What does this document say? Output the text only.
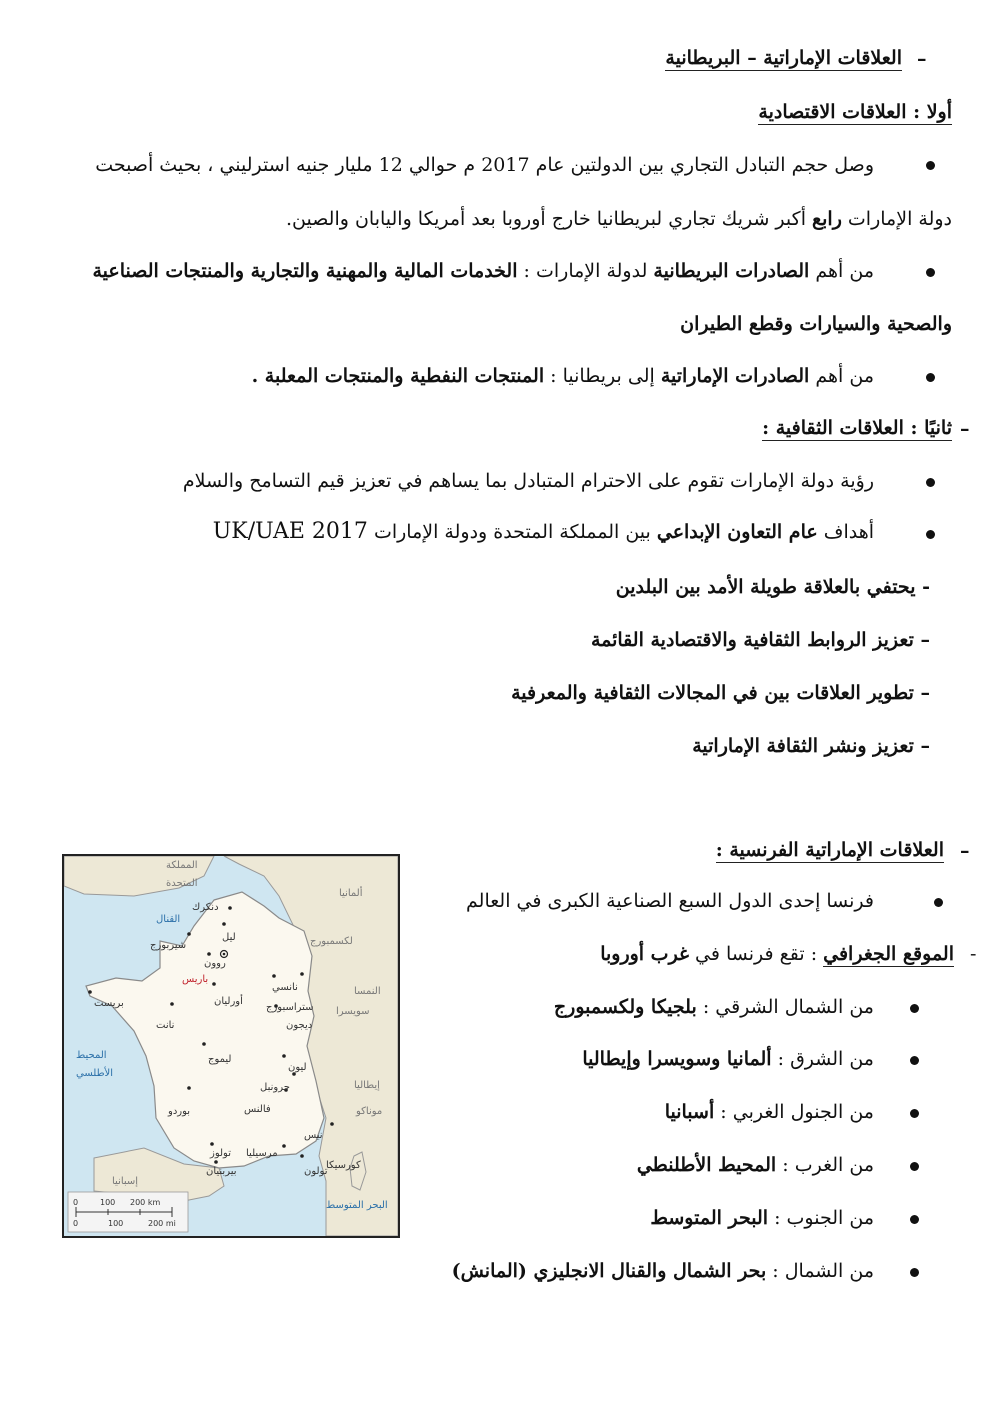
–
العلاقات الإماراتية – البريطانية
أولا : العلاقات الاقتصادية
وصل حجم التبادل التجاري بين الدولتين عام 2017 م حوالي 12 مليار جنيه استرليني ، بحيث أصبحت
دولة الإمارات رابع أكبر شريك تجاري لبريطانيا خارج أوروبا بعد أمريكا واليابان والصين.
من أهم الصادرات البريطانية لدولة الإمارات : الخدمات المالية والمهنية والتجارية والمنتجات الصناعية
والصحية والسيارات وقطع الطيران
من أهم الصادرات الإماراتية إلى بريطانيا : المنتجات النفطية والمنتجات المعلبة .
–
ثانيًا : العلاقات الثقافية :
رؤية دولة الإمارات تقوم على الاحترام المتبادل بما يساهم في تعزيز قيم التسامح والسلام
أهداف عام التعاون الإبداعي بين المملكة المتحدة ودولة الإمارات UK/UAE 2017
- يحتفي بالعلاقة طويلة الأمد بين البلدين
– تعزيز الروابط الثقافية والاقتصادية القائمة
– تطوير العلاقات بين في المجالات الثقافية والمعرفية
– تعزيز ونشر الثقافة الإماراتية
–
العلاقات الإماراتية الفرنسية :
فرنسا إحدى الدول السبع الصناعية الكبرى في العالم
-
الموقع الجغرافي : تقع فرنسا في غرب أوروبا
من الشمال الشرقي : بلجيكا ولكسمبورج
من الشرق : ألمانيا وسويسرا وإيطاليا
من الجنول الغربي : أسبانيا
من الغرب : المحيط الأطلنطي
من الجنوب : البحر المتوسط
من الشمال : بحر الشمال والقنال الانجليزي (المانش)
المملكة
المتحدة
ألمانيا
لكسمبورج
النمسا
سويسرا
إيطاليا
موناكو
إسبانيا
كورسيكا
القنال
المحيط
الأطلسي
البحر المتوسط
دنكرك
ليل
شيربورج
روون
باريس
بريست
نانسي
ستراسبورج
أورليان
ديجون
نانت
ليموج
ليون
جرونبل
بوردو	فالنس
نيس
تولوز مرسيليا
تولون
بيربنيان
0	100 200 km
0	100	200 mi
